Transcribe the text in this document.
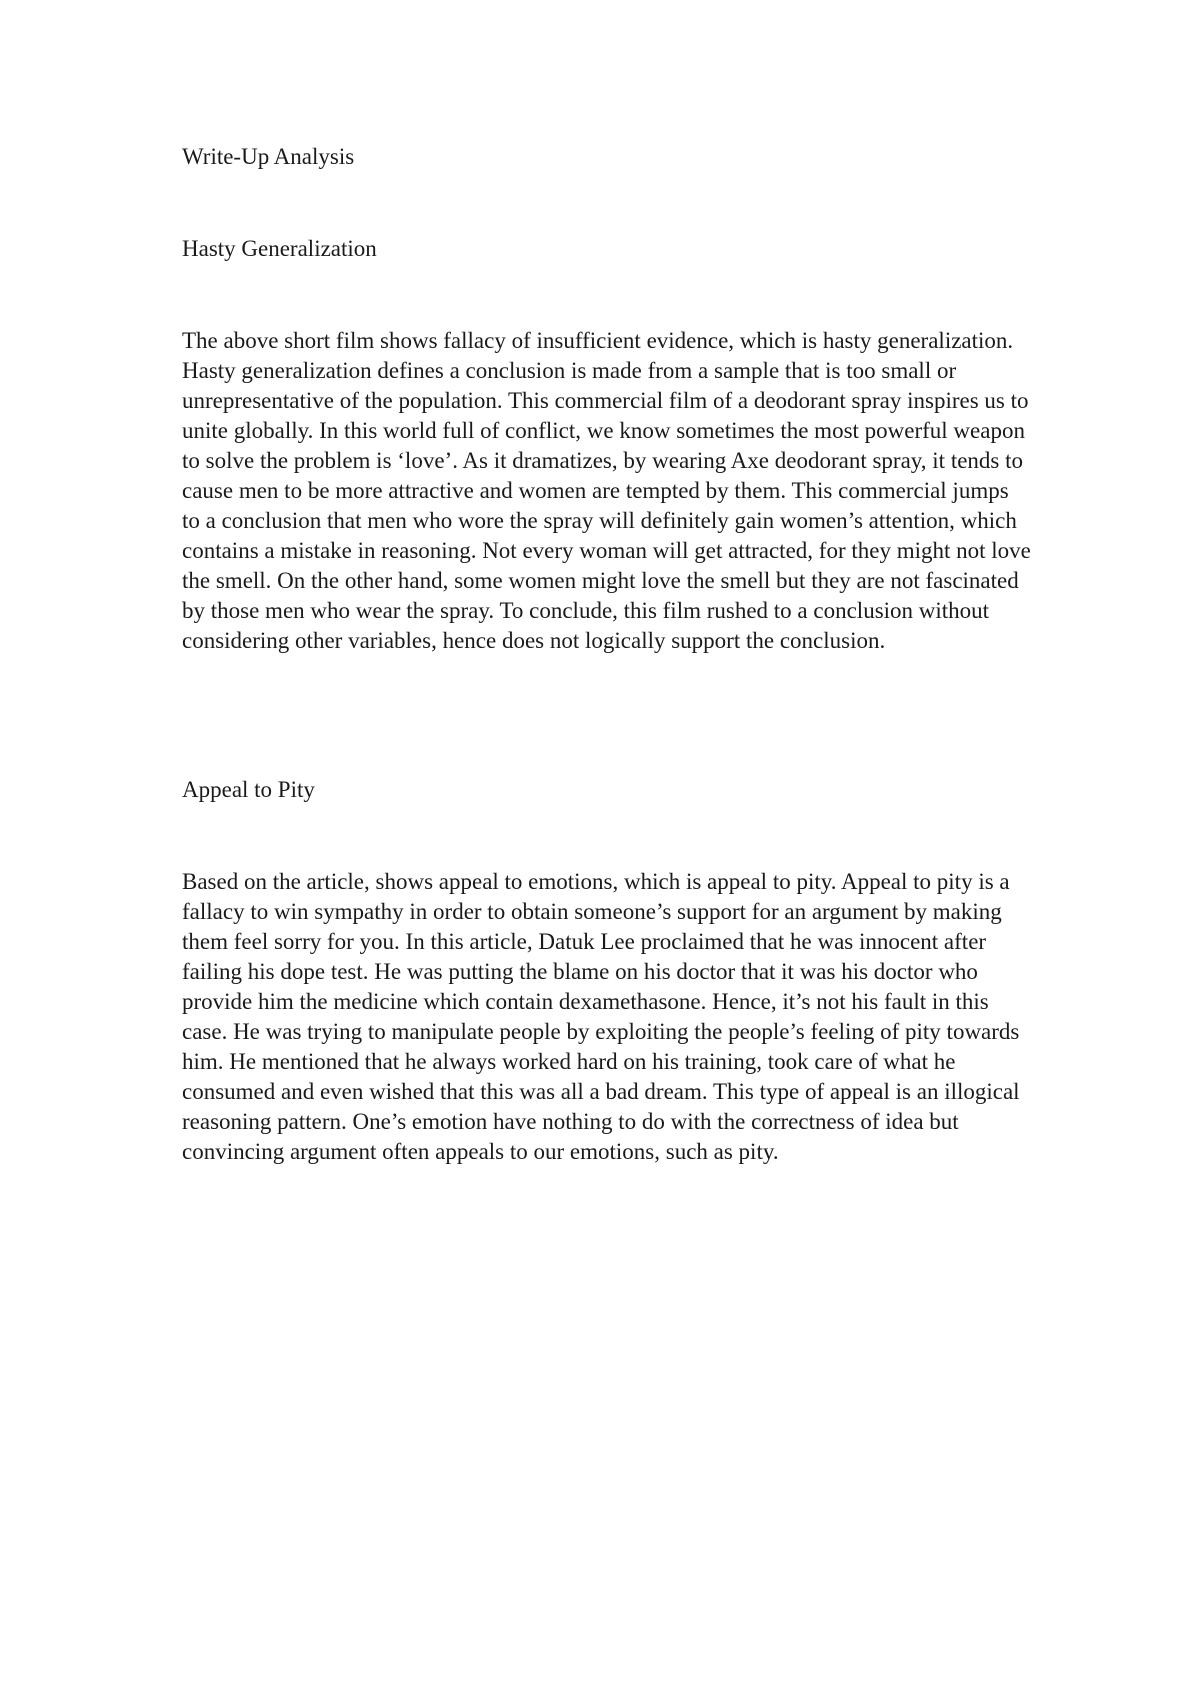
Write-Up Analysis
Hasty Generalization

The above short film shows fallacy of insufficient evidence, which is hasty generalization. Hasty generalization defines a conclusion is made from a sample that is too small or unrepresentative of the population. This commercial film of a deodorant spray inspires us to unite globally. In this world full of conflict, we know sometimes the most powerful weapon to solve the problem is ‘love’. As it dramatizes, by wearing Axe deodorant spray, it tends to cause men to be more attractive and women are tempted by them. This commercial jumps to a conclusion that men who wore the spray will definitely gain women’s attention, which contains a mistake in reasoning. Not every woman will get attracted, for they might not love the smell. On the other hand, some women might love the smell but they are not fascinated by those men who wear the spray. To conclude, this film rushed to a conclusion without considering other variables, hence does not logically support the conclusion.

Appeal to Pity

Based on the article, shows appeal to emotions, which is appeal to pity. Appeal to pity is a fallacy to win sympathy in order to obtain someone’s support for an argument by making them feel sorry for you. In this article, Datuk Lee proclaimed that he was innocent after failing his dope test. He was putting the blame on his doctor that it was his doctor who provide him the medicine which contain dexamethasone. Hence, it’s not his fault in this case. He was trying to manipulate people by exploiting the people’s feeling of pity towards him. He mentioned that he always worked hard on his training, took care of what he consumed and even wished that this was all a bad dream. This type of appeal is an illogical reasoning pattern. One’s emotion have nothing to do with the correctness of idea but convincing argument often appeals to our emotions, such as pity.
